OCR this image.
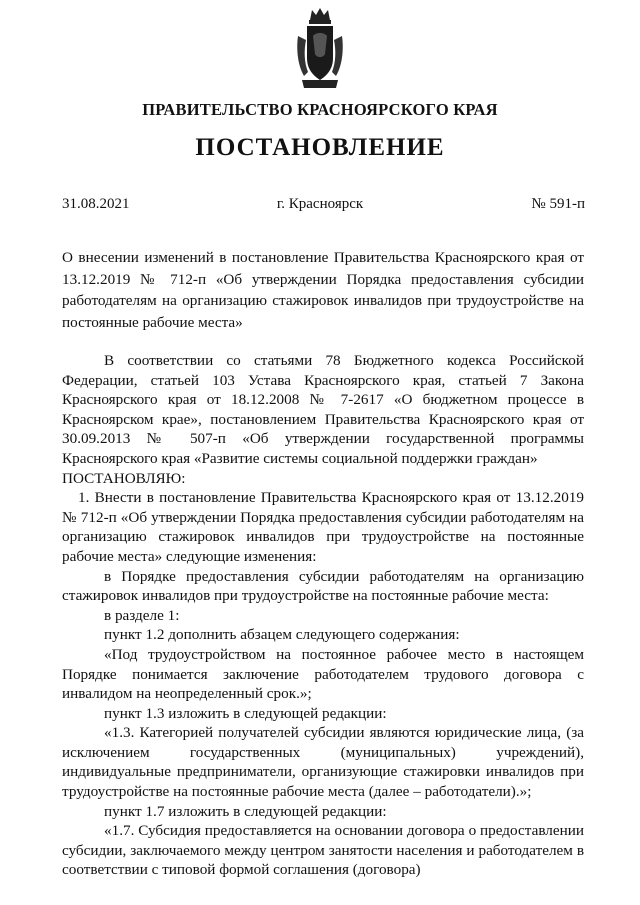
ПРАВИТЕЛЬСТВО КРАСНОЯРСКОГО КРАЯ
ПОСТАНОВЛЕНИЕ
31.08.2021	г. Красноярск	№ 591-п
О внесении изменений в постановление Правительства Красноярского края от 13.12.2019 № 712-п «Об утверждении Порядка предоставления субсидии работодателям на организацию стажировок инвалидов при трудоустройстве на постоянные рабочие места»

В соответствии со статьями 78 Бюджетного кодекса Российской Федерации, статьей 103 Устава Красноярского края, статьей 7 Закона Красноярского края от 18.12.2008 № 7-2617 «О бюджетном процессе в Красноярском крае», постановлением Правительства Красноярского края от 30.09.2013 № 507-п «Об утверждении государственной программы Красноярского края «Развитие системы социальной поддержки граждан»

ПОСТАНОВЛЯЮ:

1. Внести в постановление Правительства Красноярского края от 13.12.2019 № 712-п «Об утверждении Порядка предоставления субсидии работодателям на организацию стажировок инвалидов при трудоустройстве на постоянные рабочие места» следующие изменения:

в Порядке предоставления субсидии работодателям на организацию стажировок инвалидов при трудоустройстве на постоянные рабочие места:

в разделе 1:

пункт 1.2 дополнить абзацем следующего содержания:

«Под трудоустройством на постоянное рабочее место в настоящем Порядке понимается заключение работодателем трудового договора с инвалидом на неопределенный срок.»;

пункт 1.3 изложить в следующей редакции:

«1.3. Категорией получателей субсидии являются юридические лица, (за исключением государственных (муниципальных) учреждений), индивидуальные предприниматели, организующие стажировки инвалидов при трудоустройстве на постоянные рабочие места (далее – работодатели).»;

пункт 1.7 изложить в следующей редакции:

«1.7. Субсидия предоставляется на основании договора о предоставлении субсидии, заключаемого между центром занятости населения и работодателем в соответствии с типовой формой соглашения (договора)
